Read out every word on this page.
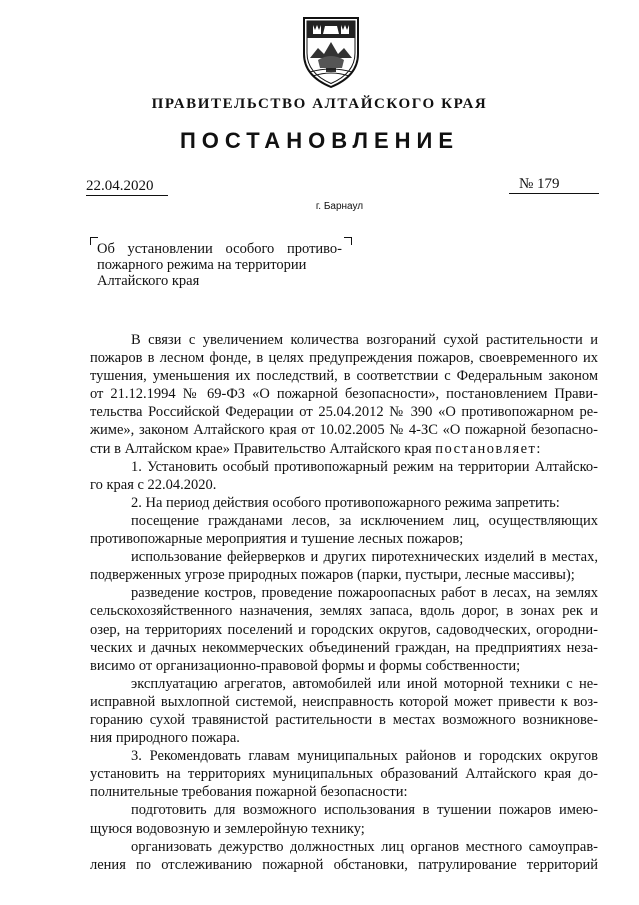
ПРАВИТЕЛЬСТВО АЛТАЙСКОГО КРАЯ
ПОСТАНОВЛЕНИЕ
22.04.2020	№ 179
г. Барнаул
Об установлении особого противо-
пожарного режима на территории
Алтайского края
В связи с увеличением количества возгораний сухой растительности и
пожаров в лесном фонде, в целях предупреждения пожаров, своевременного их
тушения, уменьшения их последствий, в соответствии с Федеральным законом
от 21.12.1994 № 69-ФЗ «О пожарной безопасности», постановлением Прави-
тельства Российской Федерации от 25.04.2012 № 390 «О противопожарном ре-
жиме», законом Алтайского края от 10.02.2005 № 4-ЗС «О пожарной безопасно-
сти в Алтайском крае» Правительство Алтайского края постановляет:
1. Установить особый противопожарный режим на территории Алтайско-
го края с 22.04.2020.
2. На период действия особого противопожарного режима запретить:
посещение гражданами лесов, за исключением лиц, осуществляющих
противопожарные мероприятия и тушение лесных пожаров;
использование фейерверков и других пиротехнических изделий в местах,
подверженных угрозе природных пожаров (парки, пустыри, лесные массивы);
разведение костров, проведение пожароопасных работ в лесах, на землях
сельскохозяйственного назначения, землях запаса, вдоль дорог, в зонах рек и
озер, на территориях поселений и городских округов, садоводческих, огородни-
ческих и дачных некоммерческих объединений граждан, на предприятиях неза-
висимо от организационно-правовой формы и формы собственности;
эксплуатацию агрегатов, автомобилей или иной моторной техники с не-
исправной выхлопной системой, неисправность которой может привести к воз-
горанию сухой травянистой растительности в местах возможного возникнове-
ния природного пожара.
3. Рекомендовать главам муниципальных районов и городских округов
установить на территориях муниципальных образований Алтайского края до-
полнительные требования пожарной безопасности:
подготовить для возможного использования в тушении пожаров имею-
щуюся водовозную и землеройную технику;
организовать дежурство должностных лиц органов местного самоуправ-
ления по отслеживанию пожарной обстановки, патрулирование территорий
